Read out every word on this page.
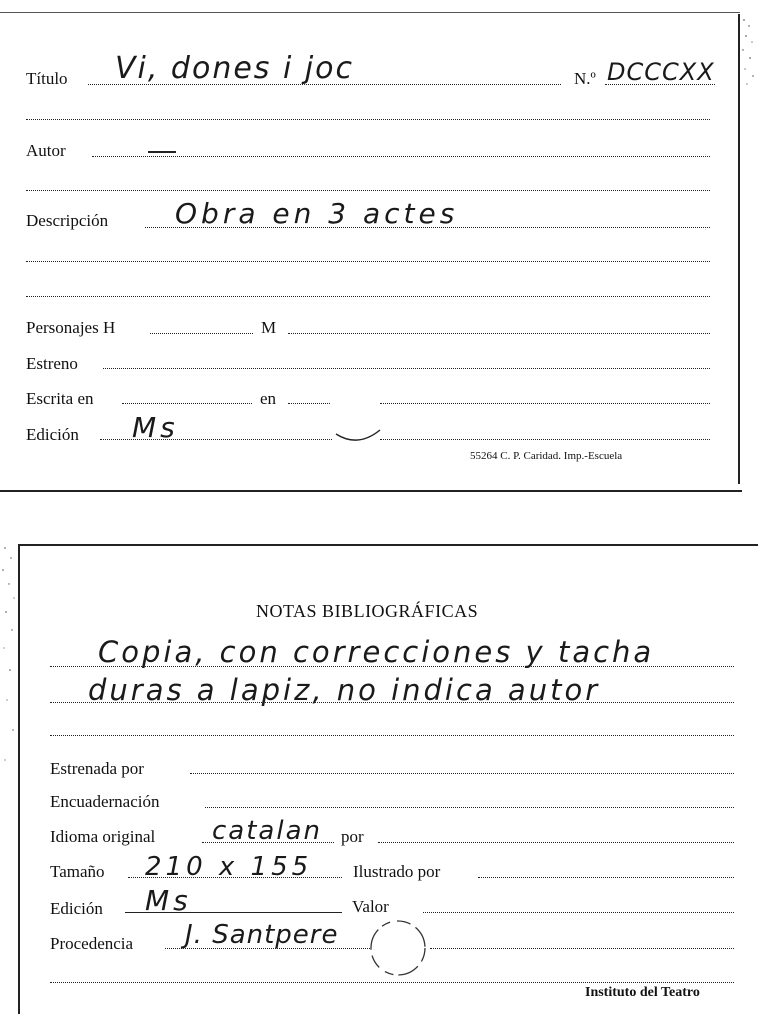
Título Vi, dones i joc	N.º DCCCXX
Autor
Descripción Obra en 3 actes
Personajes H	M
Estreno
Escrita en	en
Edición Ms
55264 C. P. Caridad. Imp.-Escuela
NOTAS BIBLIOGRÁFICAS
Copia, con correcciones y tacha
duras a lapiz, no indica autor
Estrenada por
Encuadernación
Idioma original catalan por
Tamaño 210 x 155 Ilustrado por
Edición Ms	Valor
Procedencia J. Santpere
Instituto del Teatro
